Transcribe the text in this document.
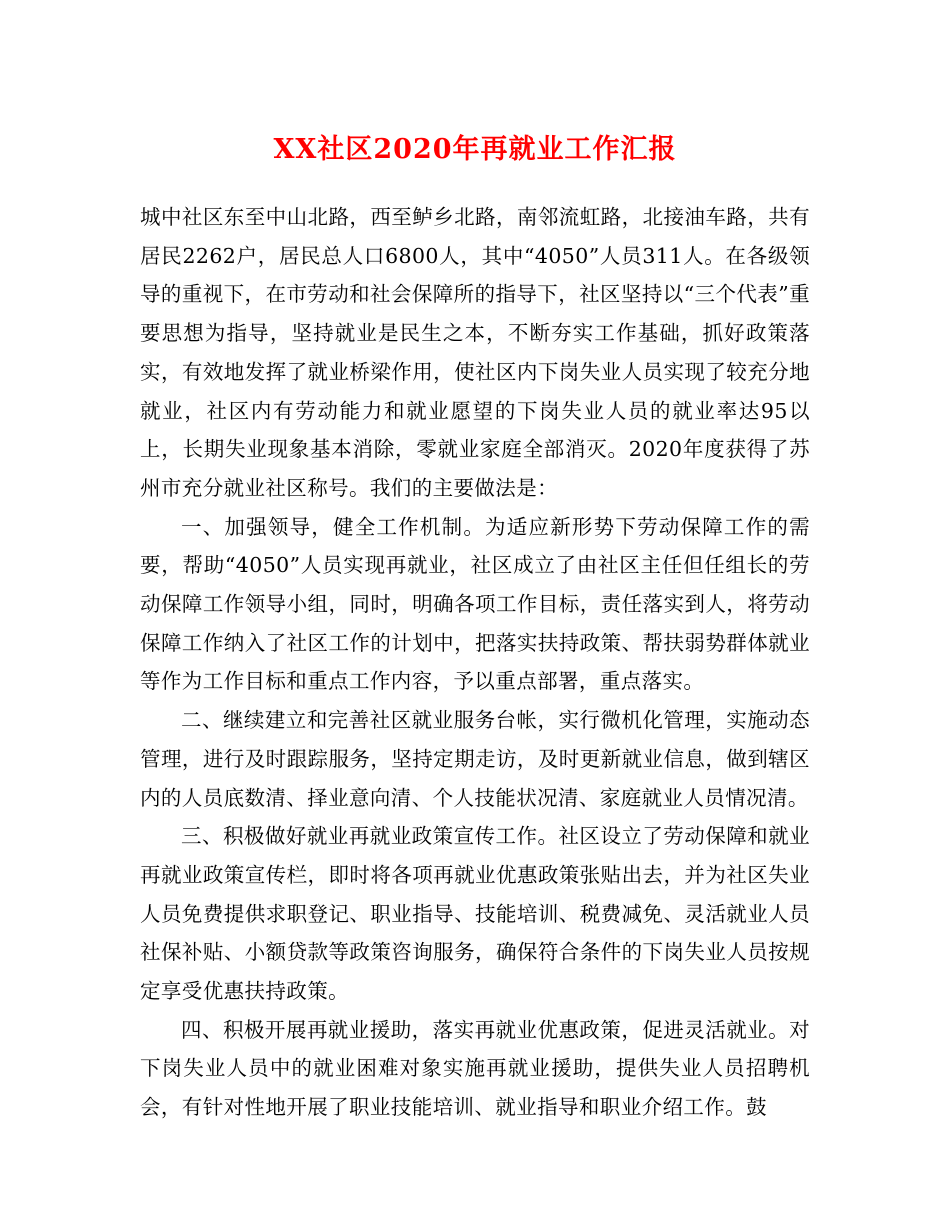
XX社区2020年再就业工作汇报

城中社区东至中山北路，西至鲈乡北路，南邻流虹路，北接油车路，共有居民2262户，居民总人口6800人，其中“4050”人员311人。在各级领导的重视下，在市劳动和社会保障所的指导下，社区坚持以“三个代表”重要思想为指导，坚持就业是民生之本，不断夯实工作基础，抓好政策落实，有效地发挥了就业桥梁作用，使社区内下岗失业人员实现了较充分地就业，社区内有劳动能力和就业愿望的下岗失业人员的就业率达95以上，长期失业现象基本消除，零就业家庭全部消灭。2020年度获得了苏州市充分就业社区称号。我们的主要做法是：

一、加强领导，健全工作机制。为适应新形势下劳动保障工作的需要，帮助“4050”人员实现再就业，社区成立了由社区主任但任组长的劳动保障工作领导小组，同时，明确各项工作目标，责任落实到人，将劳动保障工作纳入了社区工作的计划中，把落实扶持政策、帮扶弱势群体就业等作为工作目标和重点工作内容，予以重点部署，重点落实。

二、继续建立和完善社区就业服务台帐，实行微机化管理，实施动态管理，进行及时跟踪服务，坚持定期走访，及时更新就业信息，做到辖区内的人员底数清、择业意向清、个人技能状况清、家庭就业人员情况清。

三、积极做好就业再就业政策宣传工作。社区设立了劳动保障和就业再就业政策宣传栏，即时将各项再就业优惠政策张贴出去，并为社区失业人员免费提供求职登记、职业指导、技能培训、税费减免、灵活就业人员社保补贴、小额贷款等政策咨询服务，确保符合条件的下岗失业人员按规定享受优惠扶持政策。

四、积极开展再就业援助，落实再就业优惠政策，促进灵活就业。对下岗失业人员中的就业困难对象实施再就业援助，提供失业人员招聘机会，有针对性地开展了职业技能培训、就业指导和职业介绍工作。鼓
